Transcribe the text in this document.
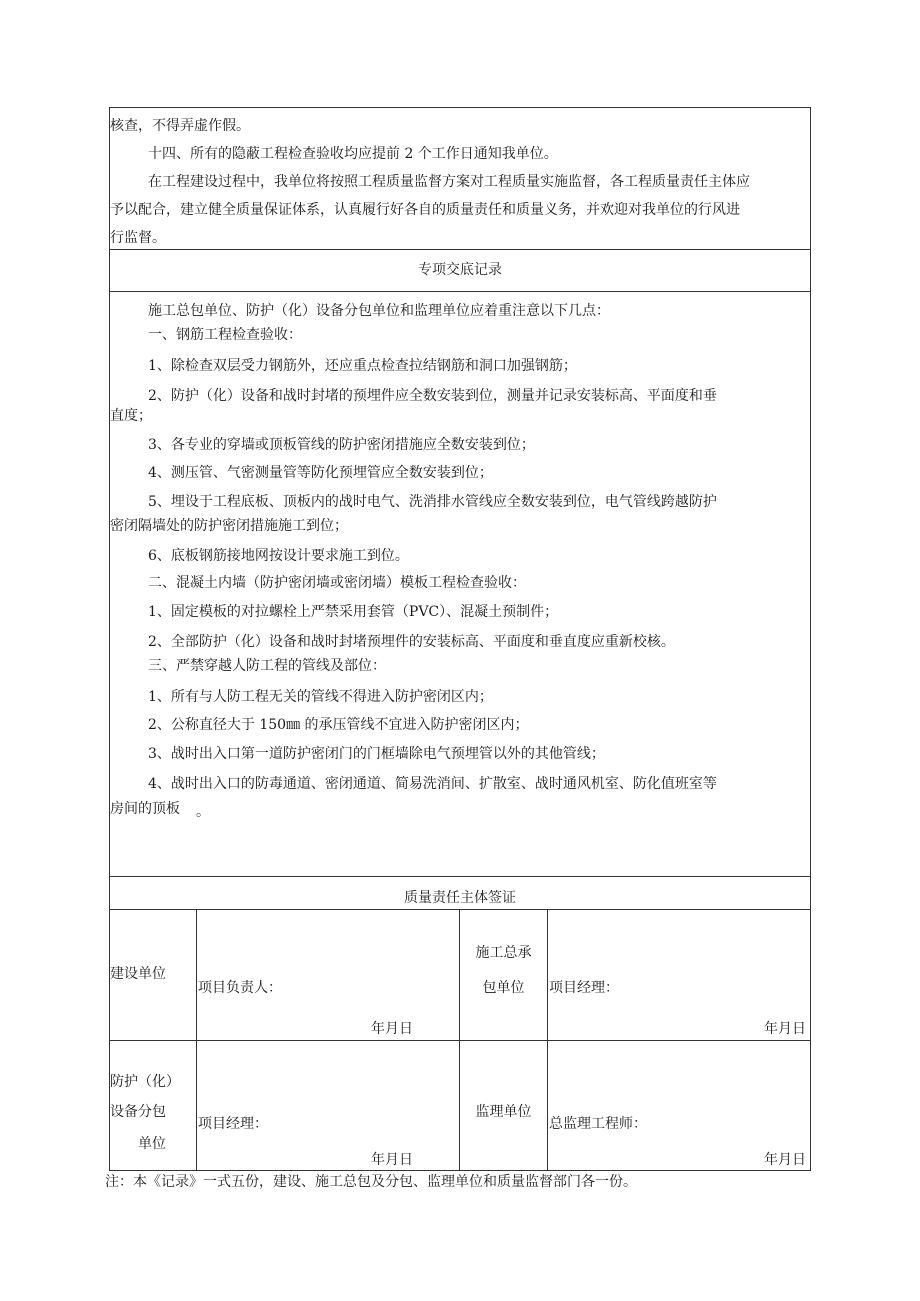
核查，不得弄虚作假。
十四、所有的隐蔽工程检查验收均应提前 2 个工作日通知我单位。
在工程建设过程中，我单位将按照工程质量监督方案对工程质量实施监督，各工程质量责任主体应
予以配合，建立健全质量保证体系，认真履行好各自的质量责任和质量义务，并欢迎对我单位的行风进
行监督。
专项交底记录
施工总包单位、防护（化）设备分包单位和监理单位应着重注意以下几点：
一、钢筋工程检查验收：
1、除检查双层受力钢筋外，还应重点检查拉结钢筋和洞口加强钢筋；
2、防护（化）设备和战时封堵的预埋件应全数安装到位，测量并记录安装标高、平面度和垂
直度；
3、各专业的穿墙或顶板管线的防护密闭措施应全数安装到位；
4、测压管、气密测量管等防化预埋管应全数安装到位；
5、埋设于工程底板、顶板内的战时电气、洗消排水管线应全数安装到位，电气管线跨越防护
密闭隔墙处的防护密闭措施施工到位；
6、底板钢筋接地网按设计要求施工到位。
二、混凝土内墙（防护密闭墙或密闭墙）模板工程检查验收：
1、固定模板的对拉螺栓上严禁采用套管（PVC）、混凝土预制件；
2、全部防护（化）设备和战时封堵预埋件的安装标高、平面度和垂直度应重新校核。
三、严禁穿越人防工程的管线及部位：
1、所有与人防工程无关的管线不得进入防护密闭区内；
2、公称直径大于 150㎜ 的承压管线不宜进入防护密闭区内；
3、战时出入口第一道防护密闭门的门框墙除电气预埋管以外的其他管线；
4、战时出入口的防毒通道、密闭通道、简易洗消间、扩散室、战时通风机室、防化值班室等
房间的顶板 。
质量责任主体签证
建设单位
项目负责人：
年月日
施工总承
包单位	项目经理：
年月日
防护（化）
设备分包
单位
项目经理：
年月日
监理单位
总监理工程师：
年月日
注：本《记录》一式五份，建设、施工总包及分包、监理单位和质量监督部门各一份。
